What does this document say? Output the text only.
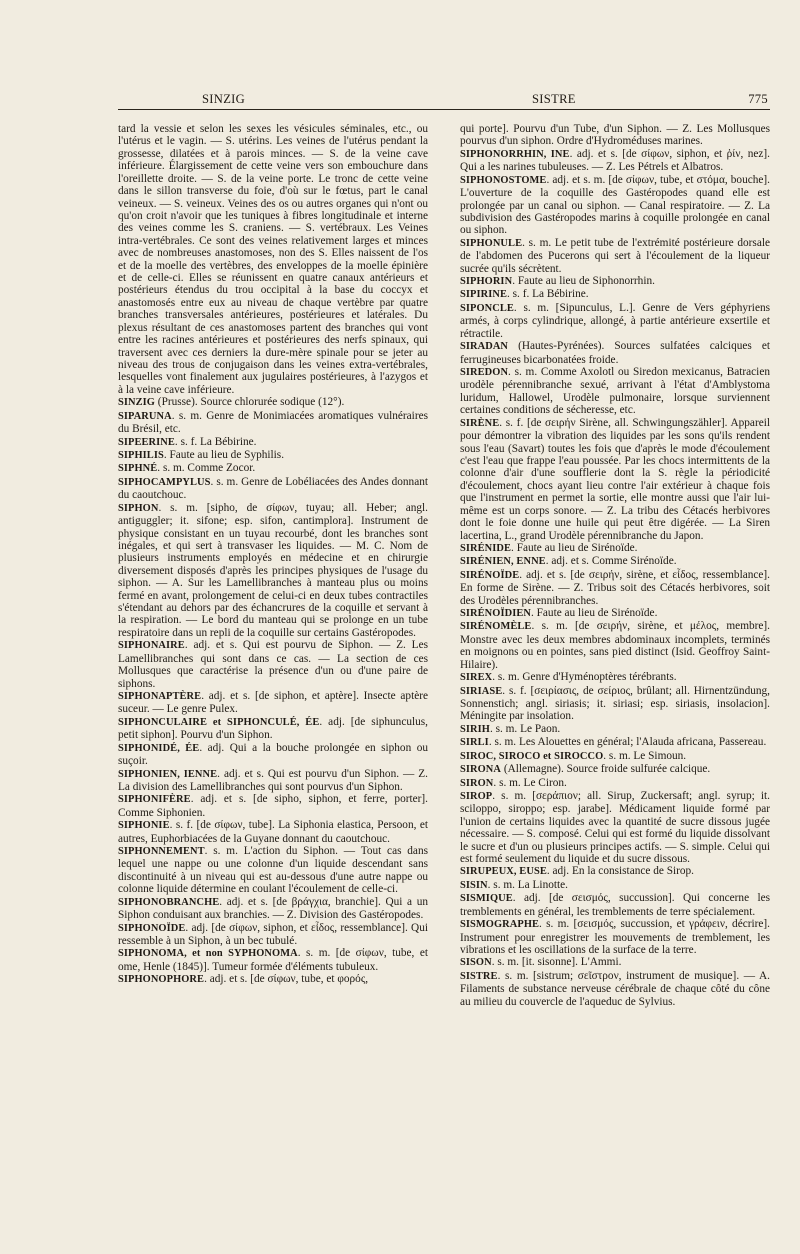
SINZIG	SISTRE	775

tard la vessie et selon les sexes les vésicules séminales, etc., ou l'utérus et le vagin. — S. utérins. Les veines de l'utérus pendant la grossesse, dilatées et à parois minces. — S. de la veine cave inférieure. Élargissement de cette veine vers son embouchure dans l'oreillette droite. — S. de la veine porte. Le tronc de cette veine dans le sillon transverse du foie, d'où sur le fœtus, part le canal veineux. — S. veineux. Veines des os ou autres organes qui n'ont ou qu'on croit n'avoir que les tuniques à fibres longitudinale et interne des veines comme les S. craniens. — S. vertébraux. Les Veines intra-vertébrales. Ce sont des veines relativement larges et minces avec de nombreuses anastomoses, non des S. Elles naissent de l'os et de la moelle des vertèbres, des enveloppes de la moelle épinière et de celle-ci. Elles se réunissent en quatre canaux antérieurs et postérieurs étendus du trou occipital à la base du coccyx et anastomosés entre eux au niveau de chaque vertèbre par quatre branches transversales antérieures, postérieures et latérales. Du plexus résultant de ces anastomoses partent des branches qui vont entre les racines antérieures et postérieures des nerfs spinaux, qui traversent avec ces derniers la dure-mère spinale pour se jeter au niveau des trous de conjugaison dans les veines extra-vertébrales, lesquelles vont finalement aux jugulaires postérieures, à l'azygos et à la veine cave inférieure.

SINZIG (Prusse). Source chlorurée sodique (12°).

SIPARUNA. s. m. Genre de Monimiacées aromatiques vulnéraires du Brésil, etc.

SIPEERINE. s. f. La Bébirine.

SIPHILIS. Faute au lieu de Syphilis.

SIPHNÉ. s. m. Comme Zocor.

SIPHOCAMPYLUS. s. m. Genre de Lobéliacées des Andes donnant du caoutchouc.

SIPHON. s. m. [sipho, de σίφων, tuyau; all. Heber; angl. antiguggler; it. sifone; esp. sifon, cantimplora]. Instrument de physique consistant en un tuyau recourbé, dont les branches sont inégales, et qui sert à transvaser les liquides. — M. C. Nom de plusieurs instruments employés en médecine et en chirurgie diversement disposés d'après les principes physiques de l'usage du siphon. — A. Sur les Lamellibranches à manteau plus ou moins fermé en avant, prolongement de celui-ci en deux tubes contractiles s'étendant au dehors par des échancrures de la coquille et servant à la respiration. — Le bord du manteau qui se prolonge en un tube respiratoire dans un repli de la coquille sur certains Gastéropodes.

SIPHONAIRE. adj. et s. Qui est pourvu de Siphon. — Z. Les Lamellibranches qui sont dans ce cas. — La section de ces Mollusques que caractérise la présence d'un ou d'une paire de siphons.

SIPHONAPTÈRE. adj. et s. [de siphon, et aptère]. Insecte aptère suceur. — Le genre Pulex.

SIPHONCULAIRE et SIPHONCULÉ, ÉE. adj. [de siphunculus, petit siphon]. Pourvu d'un Siphon.

SIPHONIDÉ, ÉE. adj. Qui a la bouche prolongée en siphon ou suçoir.

SIPHONIEN, IENNE. adj. et s. Qui est pourvu d'un Siphon. — Z. La division des Lamellibranches qui sont pourvus d'un Siphon.

SIPHONIFÈRE. adj. et s. [de sipho, siphon, et ferre, porter]. Comme Siphonien.

SIPHONIE. s. f. [de σίφων, tube]. La Siphonia elastica, Persoon, et autres, Euphorbiacées de la Guyane donnant du caoutchouc.

SIPHONNEMENT. s. m. L'action du Siphon. — Tout cas dans lequel une nappe ou une colonne d'un liquide descendant sans discontinuité à un niveau qui est au-dessous d'une autre nappe ou colonne liquide détermine en coulant l'écoulement de celle-ci.

SIPHONOBRANCHE. adj. et s. [de βράγχια, branchie]. Qui a un Siphon conduisant aux branchies. — Z. Division des Gastéropodes.

SIPHONOÏDE. adj. [de σίφων, siphon, et εἶδος, ressemblance]. Qui ressemble à un Siphon, à un bec tubulé.

SIPHONOMA, et non SYPHONOMA. s. m. [de σίφων, tube, et ome, Henle (1845)]. Tumeur formée d'éléments tubuleux.

SIPHONOPHORE. adj. et s. [de σίφων, tube, et φορός,

qui porte]. Pourvu d'un Tube, d'un Siphon. — Z. Les Mollusques pourvus d'un siphon. Ordre d'Hydroméduses marines.

SIPHONORRHIN, INE. adj. et s. [de σίφων, siphon, et ῥίν, nez]. Qui a les narines tubuleuses. — Z. Les Pétrels et Albatros.

SIPHONOSTOME. adj. et s. m. [de σίφων, tube, et στόμα, bouche]. L'ouverture de la coquille des Gastéropodes quand elle est prolongée par un canal ou siphon. — Canal respiratoire. — Z. La subdivision des Gastéropodes marins à coquille prolongée en canal ou siphon.

SIPHONULE. s. m. Le petit tube de l'extrémité postérieure dorsale de l'abdomen des Pucerons qui sert à l'écoulement de la liqueur sucrée qu'ils sécrètent.

SIPHORIN. Faute au lieu de Siphonorrhin.

SIPIRINE. s. f. La Bébirine.

SIPONCLE. s. m. [Sipunculus, L.]. Genre de Vers géphyriens armés, à corps cylindrique, allongé, à partie antérieure exsertile et rétractile.

SIRADAN (Hautes-Pyrénées). Sources sulfatées calciques et ferrugineuses bicarbonatées froide.

SIREDON. s. m. Comme Axolotl ou Siredon mexicanus, Batracien urodèle pérennibranche sexué, arrivant à l'état d'Amblystoma luridum, Hallowel, Urodèle pulmonaire, lorsque surviennent certaines conditions de sécheresse, etc.

SIRÈNE. s. f. [de σειρήν Sirène, all. Schwingungszähler]. Appareil pour démontrer la vibration des liquides par les sons qu'ils rendent sous l'eau (Savart) toutes les fois que d'après le mode d'écoulement c'est l'eau que frappe l'eau poussée. Par les chocs intermittents de la colonne d'air d'une soufflerie dont la S. règle la périodicité d'écoulement, chocs ayant lieu contre l'air extérieur à chaque fois que l'instrument en permet la sortie, elle montre aussi que l'air lui-même est un corps sonore. — Z. La tribu des Cétacés herbivores dont le foie donne une huile qui peut être digérée. — La Siren lacertina, L., grand Urodèle pérennibranche du Japon.

SIRÉNIDE. Faute au lieu de Sirénoïde.

SIRÉNIEN, ENNE. adj. et s. Comme Sirénoïde.

SIRÉNOÏDE. adj. et s. [de σειρήν, sirène, et εἶδος, ressemblance]. En forme de Sirène. — Z. Tribus soit des Cétacés herbivores, soit des Urodèles pérennibranches.

SIRÉNOÏDIEN. Faute au lieu de Sirénoïde.

SIRÉNOMÈLE. s. m. [de σειρήν, sirène, et μέλος, membre]. Monstre avec les deux membres abdominaux incomplets, terminés en moignons ou en pointes, sans pied distinct (Isid. Geoffroy Saint-Hilaire).

SIREX. s. m. Genre d'Hyménoptères térébrants.

SIRIASE. s. f. [σειρίασις, de σείριος, brûlant; all. Hirnentzündung, Sonnenstich; angl. siriasis; it. siriasi; esp. siriasis, insolacion]. Méningite par insolation.

SIRIH. s. m. Le Paon.

SIRLI. s. m. Les Alouettes en général; l'Alauda africana, Passereau.

SIROC, SIROCO et SIROCCO. s. m. Le Simoun.

SIRONA (Allemagne). Source froide sulfurée calcique.

SIRON. s. m. Le Ciron.

SIROP. s. m. [σεράπιον; all. Sirup, Zuckersaft; angl. syrup; it. sciloppo, siroppo; esp. jarabe]. Médicament liquide formé par l'union de certains liquides avec la quantité de sucre dissous jugée nécessaire. — S. composé. Celui qui est formé du liquide dissolvant le sucre et d'un ou plusieurs principes actifs. — S. simple. Celui qui est formé seulement du liquide et du sucre dissous.

SIRUPEUX, EUSE. adj. En la consistance de Sirop.

SISIN. s. m. La Linotte.

SISMIQUE. adj. [de σεισμός, succussion]. Qui concerne les tremblements en général, les tremblements de terre spécialement.

SISMOGRAPHE. s. m. [σεισμός, succussion, et γράφειν, décrire]. Instrument pour enregistrer les mouvements de tremblement, les vibrations et les oscillations de la surface de la terre.

SISON. s. m. [it. sisonne]. L'Ammi.

SISTRE. s. m. [sistrum; σεῖστρον, instrument de musique]. — A. Filaments de substance nerveuse cérébrale de chaque côté du cône au milieu du couvercle de l'aqueduc de Sylvius.
